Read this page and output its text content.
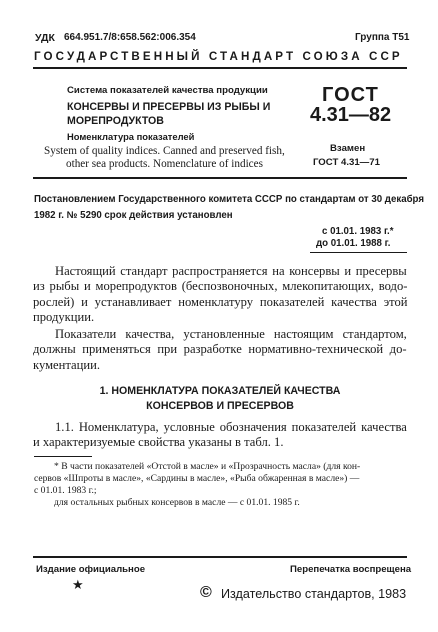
УДК 664.951.7/8:658.562:006.354	Группа Т51
ГОСУДАРСТВЕННЫЙ СТАНДАРТ СОЮЗА ССР
Система показателей качества продукции
КОНСЕРВЫ И ПРЕСЕРВЫ ИЗ РЫБЫ И
МОРЕПРОДУКТОВ
Номенклатура показателей
System of quality indices. Canned and preserved fish,
other sea products. Nomenclature of indices
ГОСТ
4.31—82
Взамен
ГОСТ 4.31—71
Постановлением Государственного комитета СССР по стандартам от 30 декабря
1982 г. № 5290 срок действия установлен
с 01.01. 1983 г.*
до 01.01. 1988 г.
Настоящий стандарт распространяется на консервы и пресервы
из рыбы и морепродуктов (беспозвоночных, млекопитающих, водо-
рослей) и устанавливает номенклатуру показателей качества этой
продукции.
Показатели качества, установленные настоящим стандартом,
должны применяться при разработке нормативно-технической до-
кументации.
1. НОМЕНКЛАТУРА ПОКАЗАТЕЛЕЙ КАЧЕСТВА
КОНСЕРВОВ И ПРЕСЕРВОВ
1.1. Номенклатура, условные обозначения показателей качества
и характеризуемые свойства указаны в табл. 1.
* В части показателей «Отстой в масле» и «Прозрачность масла» (для кон-
сервов «Шпроты в масле», «Сардины в масле», «Рыба обжаренная в масле») —
с 01.01. 1983 г.;
для остальных рыбных консервов в масле — с 01.01. 1985 г.
Издание официальное	Перепечатка воспрещена
★	© Издательство стандартов, 1983
